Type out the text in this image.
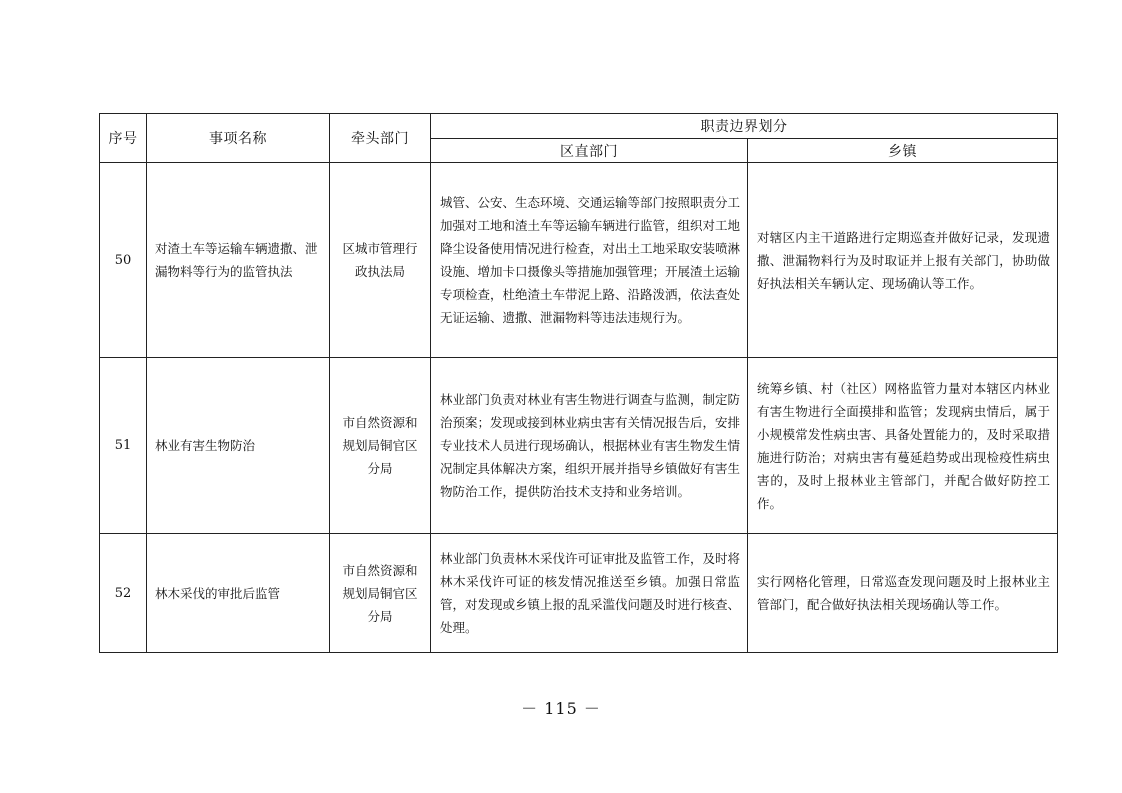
序号	事项名称	牵头部门	职责边界划分	
			区直部门	乡镇
50	对渣土车等运输车辆遗撒、泄漏物料等行为的监管执法	区城市管理行政执法局	城管、公安、生态环境、交通运输等部门按照职责分工加强对工地和渣土车等运输车辆进行监管，组织对工地降尘设备使用情况进行检查，对出土工地采取安装喷淋设施、增加卡口摄像头等措施加强管理；开展渣土运输专项检查，杜绝渣土车带泥上路、沿路泼洒，依法查处无证运输、遗撒、泄漏物料等违法违规行为。	对辖区内主干道路进行定期巡查并做好记录，发现遗撒、泄漏物料行为及时取证并上报有关部门，协助做好执法相关车辆认定、现场确认等工作。
51	林业有害生物防治	市自然资源和规划局铜官区分局	林业部门负责对林业有害生物进行调查与监测，制定防治预案；发现或接到林业病虫害有关情况报告后，安排专业技术人员进行现场确认，根据林业有害生物发生情况制定具体解决方案，组织开展并指导乡镇做好有害生物防治工作，提供防治技术支持和业务培训。	统筹乡镇、村（社区）网格监管力量对本辖区内林业有害生物进行全面摸排和监管；发现病虫情后，属于小规模常发性病虫害、具备处置能力的，及时采取措施进行防治；对病虫害有蔓延趋势或出现检疫性病虫害的，及时上报林业主管部门，并配合做好防控工作。
52	林木采伐的审批后监管	市自然资源和规划局铜官区分局	林业部门负责林木采伐许可证审批及监管工作，及时将林木采伐许可证的核发情况推送至乡镇。加强日常监管，对发现或乡镇上报的乱采滥伐问题及时进行核查、处理。	实行网格化管理，日常巡查发现问题及时上报林业主管部门，配合做好执法相关现场确认等工作。
－ 115 －
